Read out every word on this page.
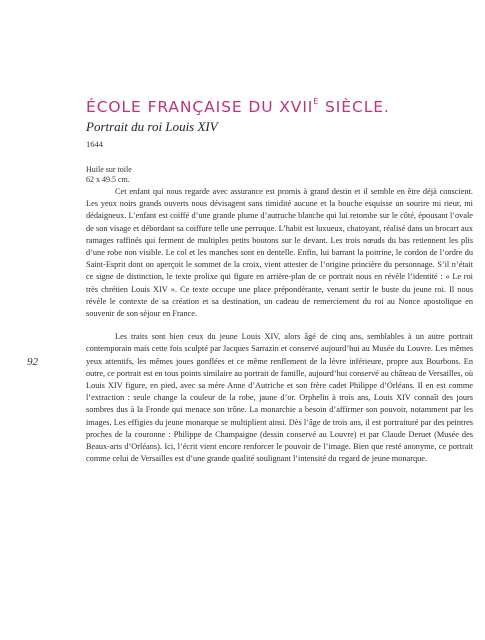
92
ÉCOLE FRANÇAISE DU $XVII^E$ SIÈCLE.
Portrait du roi Louis XIV
1644
Huile sur toile
62 x 49.5 cm.

Cet enfant qui nous regarde avec assurance est promis à grand destin et il semble en être déjà conscient. Les yeux noirs grands ouverts nous dévisagent sans timidité aucune et la bouche esquisse un sourire mi rieur, mi dédaigneux. L’enfant est coiffé d’une grande plume d’autruche blanche qui lui retombe sur le côté, épousant l’ovale de son visage et débordant sa coiffure telle une perruque. L’habit est luxueux, chatoyant, réalisé dans un brocart aux ramages raffinés qui ferment de multiples petits boutons sur le devant. Les trois nœuds du bas retiennent les plis d’une robe non visible. Le col et les manches sont en dentelle. Enfin, lui barrant la poitrine, le cordon de l’ordre du Saint-Esprit dont on aperçoit le sommet de la croix, vient attester de l’origine princière du personnage. S’il n’était ce signe de distinction, le texte prolixe qui figure en arrière-plan de ce portrait nous en révèle l’identité : « Le roi très chrétien Louis XIV ». Ce texte occupe une place prépondérante, venant sertir le buste du jeune roi. Il nous révèle le contexte de sa création et sa destination, un cadeau de remerciement du roi au Nonce apostolique en souvenir de son séjour en France.

Les traits sont bien ceux du jeune Louis XIV, alors âgé de cinq ans, semblables à un autre portrait contemporain mais cette fois sculpté par Jacques Sarrazin et conservé aujourd’hui au Musée du Louvre. Les mêmes yeux attentifs, les mêmes joues gonflées et ce même renflement de la lèvre inférieure, propre aux Bourbons. En outre, ce portrait est en tous points similaire au portrait de famille, aujourd’hui conservé au château de Versailles, où Louis XIV figure, en pied, avec sa mère Anne d’Autriche et son frère cadet Philippe d’Orléans. Il en est comme l’extraction : seule change la couleur de la robe, jaune d’or. Orphelin à trois ans, Louis XIV connaît des jours sombres dus à la Fronde qui menace son trône. La monarchie a besoin d’affirmer son pouvoir, notamment par les images. Les effigies du jeune monarque se multiplient ainsi. Dès l’âge de trois ans, il est portraituré par des peintres proches de la couronne : Philippe de Champaigne (dessin conservé au Louvre) et par Claude Deruet (Musée des Beaux-arts d’Orléans). Ici, l’écrit vient encore renforcer le pouvoir de l’image. Bien que resté anonyme, ce portrait comme celui de Versailles est d’une grande qualité soulignant l’intensité du regard de jeune monarque.
